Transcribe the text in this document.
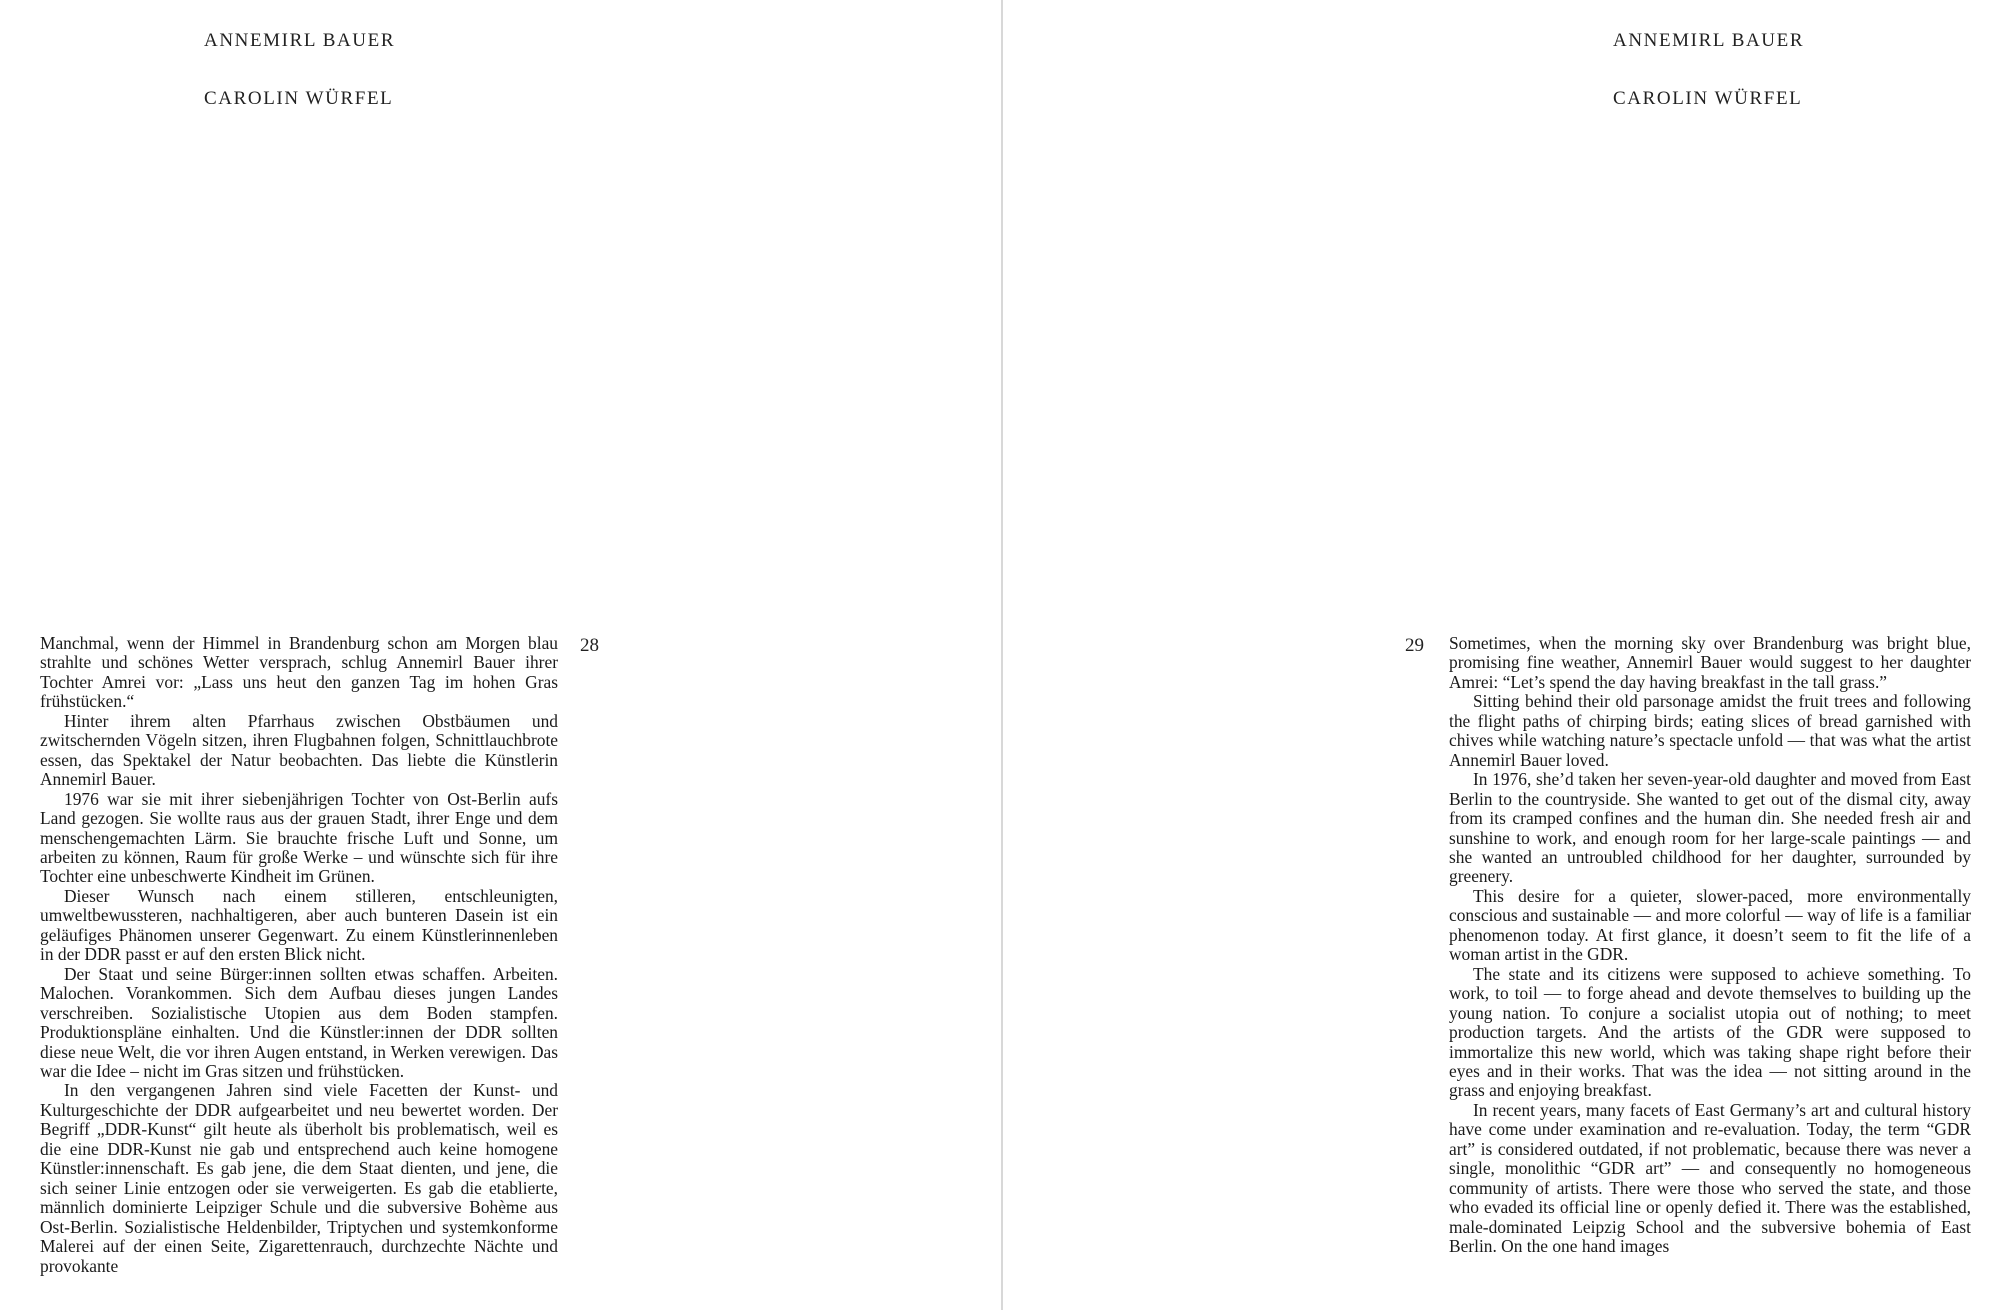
ANNEMIRL BAUER
CAROLIN WÜRFEL
28

Manchmal, wenn der Himmel in Brandenburg schon am Morgen blau strahlte und schönes Wetter versprach, schlug Annemirl Bauer ihrer Tochter Amrei vor: „Lass uns heut den ganzen Tag im hohen Gras frühstücken.“

Hinter ihrem alten Pfarrhaus zwischen Obstbäumen und zwitschernden Vögeln sitzen, ihren Flugbahnen folgen, Schnittlauchbrote essen, das Spektakel der Natur beobachten. Das liebte die Künstlerin Annemirl Bauer.

1976 war sie mit ihrer siebenjährigen Tochter von Ost-Berlin aufs Land gezogen. Sie wollte raus aus der grauen Stadt, ihrer Enge und dem menschengemachten Lärm. Sie brauchte frische Luft und Sonne, um arbeiten zu können, Raum für große Werke – und wünschte sich für ihre Tochter eine unbeschwerte Kindheit im Grünen.

Dieser Wunsch nach einem stilleren, entschleunigten, umweltbewussteren, nachhaltigeren, aber auch bunteren Dasein ist ein geläufiges Phänomen unserer Gegenwart. Zu einem Künstlerinnenleben in der DDR passt er auf den ersten Blick nicht.

Der Staat und seine Bürger:innen sollten etwas schaffen. Arbeiten. Malochen. Vorankommen. Sich dem Aufbau dieses jungen Landes verschreiben. Sozialistische Utopien aus dem Boden stampfen. Produktionspläne einhalten. Und die Künstler:innen der DDR sollten diese neue Welt, die vor ihren Augen entstand, in Werken verewigen. Das war die Idee – nicht im Gras sitzen und frühstücken.

In den vergangenen Jahren sind viele Facetten der Kunst- und Kulturgeschichte der DDR aufgearbeitet und neu bewertet worden. Der Begriff „DDR-Kunst“ gilt heute als überholt bis problematisch, weil es die eine DDR-Kunst nie gab und entsprechend auch keine homogene Künstler:innenschaft. Es gab jene, die dem Staat dienten, und jene, die sich seiner Linie entzogen oder sie verweigerten. Es gab die etablierte, männlich dominierte Leipziger Schule und die subversive Bohème aus Ost-Berlin. Sozialistische Heldenbilder, Triptychen und systemkonforme Malerei auf der einen Seite, Zigarettenrauch, durchzechte Nächte und provokante

ANNEMIRL BAUER
CAROLIN WÜRFEL
29 Sometimes, when the morning sky over Brandenburg was bright blue, promising fine weather, Annemirl Bauer would suggest to her daughter Amrei: “Let’s spend the day having breakfast in the tall grass.”

Sitting behind their old parsonage amidst the fruit trees and following the flight paths of chirping birds; eating slices of bread garnished with chives while watching nature’s spectacle unfold — that was what the artist Annemirl Bauer loved.

In 1976, she’d taken her seven-year-old daughter and moved from East Berlin to the countryside. She wanted to get out of the dismal city, away from its cramped confines and the human din. She needed fresh air and sunshine to work, and enough room for her large-scale paintings — and she wanted an untroubled childhood for her daughter, surrounded by greenery.

This desire for a quieter, slower-paced, more environmentally conscious and sustainable — and more colorful — way of life is a familiar phenomenon today. At first glance, it doesn’t seem to fit the life of a woman artist in the GDR.

The state and its citizens were supposed to achieve something. To work, to toil — to forge ahead and devote themselves to building up the young nation. To conjure a socialist utopia out of nothing; to meet production targets. And the artists of the GDR were supposed to immortalize this new world, which was taking shape right before their eyes and in their works. That was the idea — not sitting around in the grass and enjoying breakfast.

In recent years, many facets of East Germany’s art and cultural history have come under examination and re-evaluation. Today, the term “GDR art” is considered outdated, if not problematic, because there was never a single, monolithic “GDR art” — and consequently no homogeneous community of artists. There were those who served the state, and those who evaded its official line or openly defied it. There was the established, male-dominated Leipzig School and the subversive bohemia of East Berlin. On the one hand images
